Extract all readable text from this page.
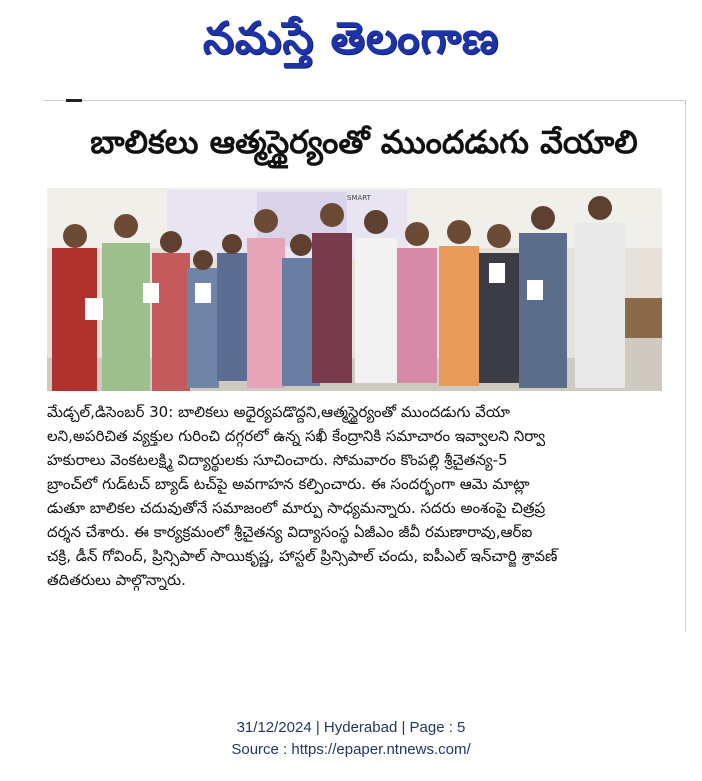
నమస్తే తెలంగాణ
బాలికలు ఆత్మస్థైర్యంతో ముందడుగు వేయాలి
SMART
మేడ్చల్,డిసెంబర్ 30: బాలికలు అధైర్యపడొద్దని,ఆత్మస్థైర్యంతో ముందడుగు వేయా
లని,అపరిచిత వ్యక్తుల గురించి దగ్గరలో ఉన్న సఖీ కేంద్రానికి సమాచారం ఇవ్వాలని నిర్వా
హకురాలు వెంకటలక్ష్మి విద్యార్థులకు సూచించారు. సోమవారం కొంపల్లి శ్రీచైతన్య-5
బ్రాంచ్‌లో గుడ్‌టచ్ బ్యాడ్ టచ్‌పై అవగాహన కల్పించారు. ఈ సందర్భంగా ఆమె మాట్లా
డుతూ బాలికల చదువుతోనే సమాజంలో మార్పు సాధ్యమన్నారు. సదరు అంశంపై చిత్రప్ర
దర్శన చేశారు. ఈ కార్యక్రమంలో శ్రీచైతన్య విద్యాసంస్థ ఏజీఎం జీవీ రమణారావు,ఆర్ఐ
చక్రి, డీన్ గోవింద్, ప్రిన్సిపాల్ సాయికృష్ణ, హాస్టల్ ప్రిన్సిపాల్ చందు, ఐపీఎల్ ఇన్‌చార్జి శ్రావణ్
తదితరులు పాల్గొన్నారు.
31/12/2024 | Hyderabad | Page : 5
Source : https://epaper.ntnews.com/
